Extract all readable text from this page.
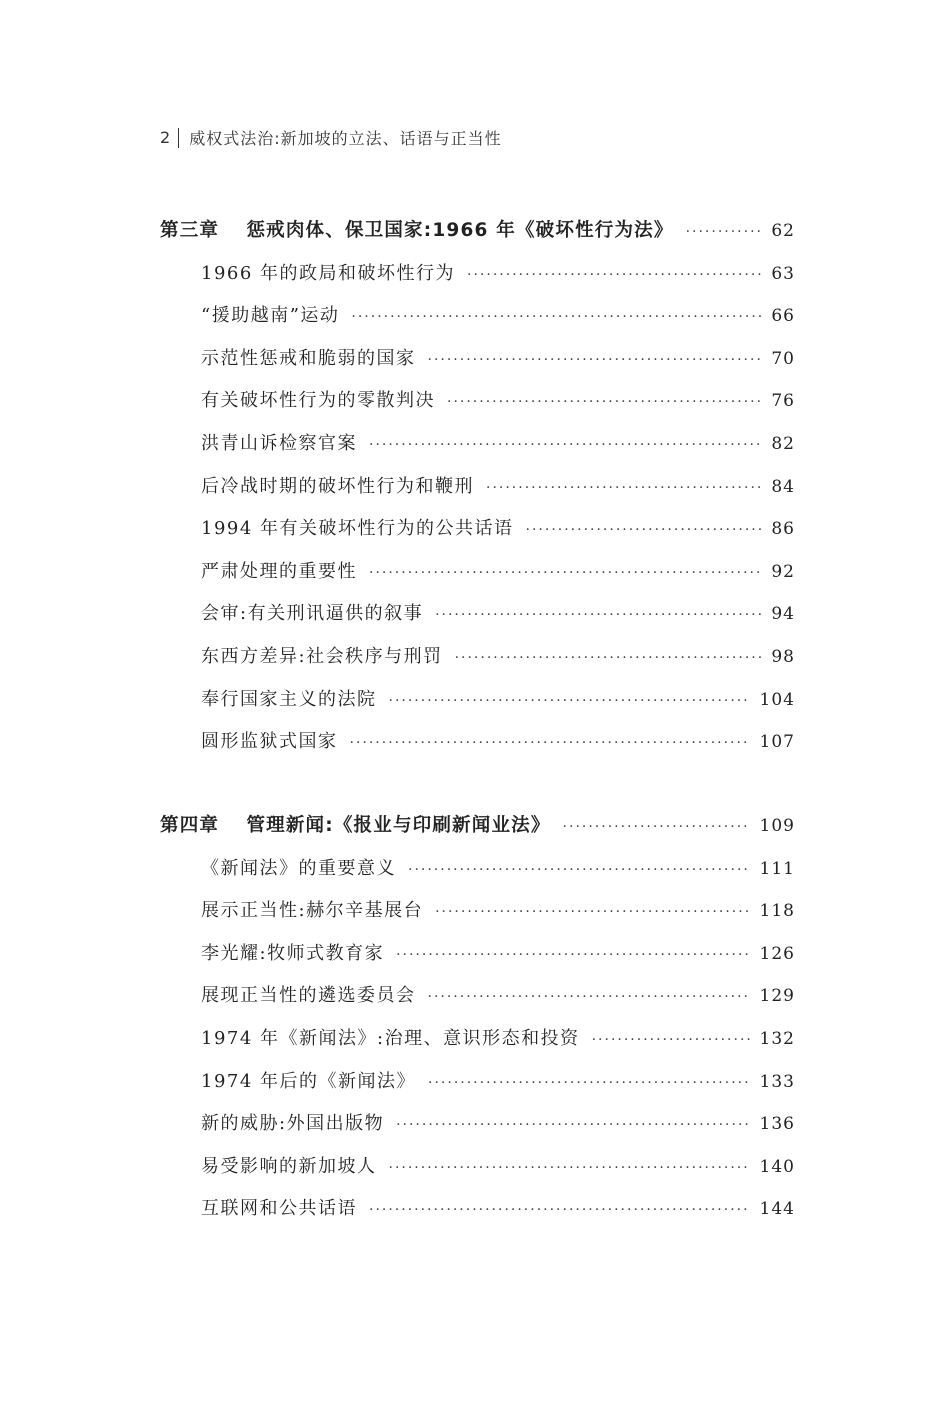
2 威权式法治:新加坡的立法、话语与正当性
第三章　 惩戒肉体、保卫国家:1966 年《破坏性行为法》 ·····	62
1966 年的政局和破坏性行为 ·····	63
“援助越南”运动 ·····	66
示范性惩戒和脆弱的国家 ·····	70
有关破坏性行为的零散判决 ·····	76
洪青山诉检察官案 ·····	82
后冷战时期的破坏性行为和鞭刑 ·····	84
1994 年有关破坏性行为的公共话语 ·····	86
严肃处理的重要性 ·····	92
会审:有关刑讯逼供的叙事 ·····	94
东西方差异:社会秩序与刑罚 ·····	98
奉行国家主义的法院 ·····	104
圆形监狱式国家 ·····	107
第四章　 管理新闻:《报业与印刷新闻业法》 ·····	109
《新闻法》的重要意义 ·····	111
展示正当性:赫尔辛基展台 ·····	118
李光耀:牧师式教育家 ·····	126
展现正当性的遴选委员会 ·····	129
1974 年《新闻法》:治理、意识形态和投资 ·····	132
1974 年后的《新闻法》 ·····	133
新的威胁:外国出版物 ·····	136
易受影响的新加坡人 ·····	140
互联网和公共话语 ·····	144
